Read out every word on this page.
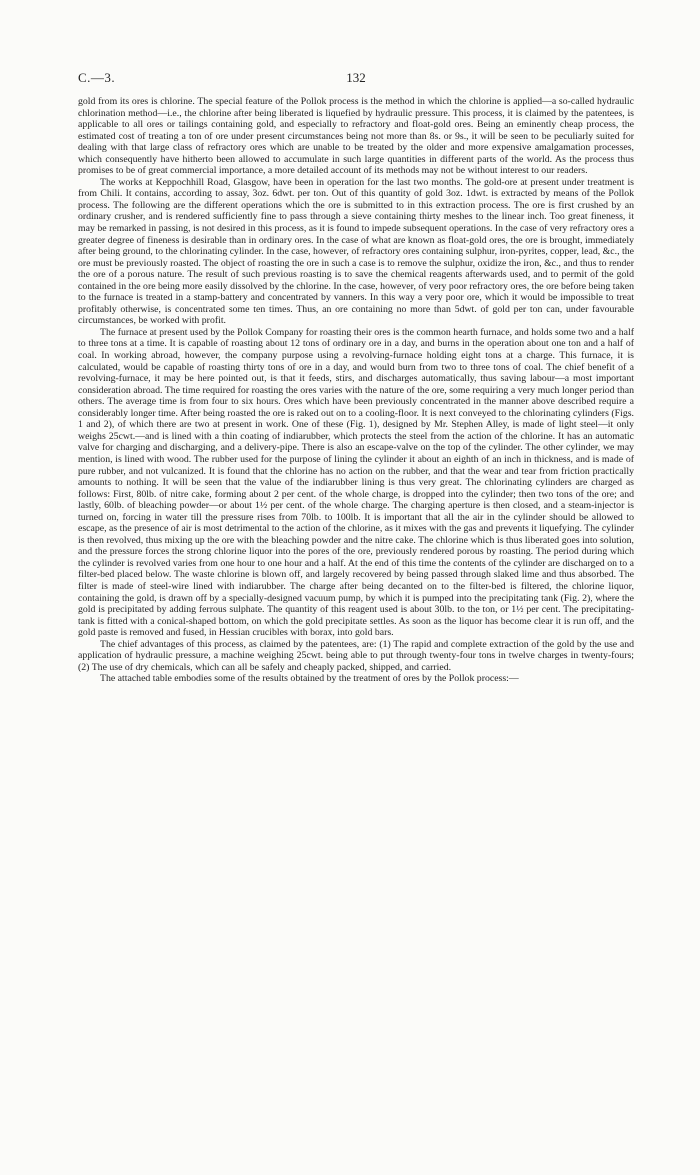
C.—3.	132

gold from its ores is chlorine. The special feature of the Pollok process is the method in which the chlorine is applied—a so-called hydraulic chlorination method—i.e., the chlorine after being liberated is liquefied by hydraulic pressure. This process, it is claimed by the patentees, is applicable to all ores or tailings containing gold, and especially to refractory and float-gold ores. Being an eminently cheap process, the estimated cost of treating a ton of ore under present circumstances being not more than 8s. or 9s., it will be seen to be peculiarly suited for dealing with that large class of refractory ores which are unable to be treated by the older and more expensive amalgamation processes, which consequently have hitherto been allowed to accumulate in such large quantities in different parts of the world. As the process thus promises to be of great commercial importance, a more detailed account of its methods may not be without interest to our readers.

The works at Keppochhill Road, Glasgow, have been in operation for the last two months. The gold-ore at present under treatment is from Chili. It contains, according to assay, 3oz. 6dwt. per ton. Out of this quantity of gold 3oz. 1dwt. is extracted by means of the Pollok process. The following are the different operations which the ore is submitted to in this extraction process. The ore is first crushed by an ordinary crusher, and is rendered sufficiently fine to pass through a sieve containing thirty meshes to the linear inch. Too great fineness, it may be remarked in passing, is not desired in this process, as it is found to impede subsequent operations. In the case of very refractory ores a greater degree of fineness is desirable than in ordinary ores. In the case of what are known as float-gold ores, the ore is brought, immediately after being ground, to the chlorinating cylinder. In the case, however, of refractory ores containing sulphur, iron-pyrites, copper, lead, &c., the ore must be previously roasted. The object of roasting the ore in such a case is to remove the sulphur, oxidize the iron, &c., and thus to render the ore of a porous nature. The result of such previous roasting is to save the chemical reagents afterwards used, and to permit of the gold contained in the ore being more easily dissolved by the chlorine. In the case, however, of very poor refractory ores, the ore before being taken to the furnace is treated in a stamp-battery and concentrated by vanners. In this way a very poor ore, which it would be impossible to treat profitably otherwise, is concentrated some ten times. Thus, an ore containing no more than 5dwt. of gold per ton can, under favourable circumstances, be worked with profit.

The furnace at present used by the Pollok Company for roasting their ores is the common hearth furnace, and holds some two and a half to three tons at a time. It is capable of roasting about 12 tons of ordinary ore in a day, and burns in the operation about one ton and a half of coal. In working abroad, however, the company purpose using a revolving-furnace holding eight tons at a charge. This furnace, it is calculated, would be capable of roasting thirty tons of ore in a day, and would burn from two to three tons of coal. The chief benefit of a revolving-furnace, it may be here pointed out, is that it feeds, stirs, and discharges automatically, thus saving labour—a most important consideration abroad. The time required for roasting the ores varies with the nature of the ore, some requiring a very much longer period than others. The average time is from four to six hours. Ores which have been previously concentrated in the manner above described require a considerably longer time. After being roasted the ore is raked out on to a cooling-floor. It is next conveyed to the chlorinating cylinders (Figs. 1 and 2), of which there are two at present in work. One of these (Fig. 1), designed by Mr. Stephen Alley, is made of light steel—it only weighs 25cwt.—and is lined with a thin coating of indiarubber, which protects the steel from the action of the chlorine. It has an automatic valve for charging and discharging, and a delivery-pipe. There is also an escape-valve on the top of the cylinder. The other cylinder, we may mention, is lined with wood. The rubber used for the purpose of lining the cylinder it about an eighth of an inch in thickness, and is made of pure rubber, and not vulcanized. It is found that the chlorine has no action on the rubber, and that the wear and tear from friction practically amounts to nothing. It will be seen that the value of the indiarubber lining is thus very great. The chlorinating cylinders are charged as follows: First, 80lb. of nitre cake, forming about 2 per cent. of the whole charge, is dropped into the cylinder; then two tons of the ore; and lastly, 60lb. of bleaching powder—or about 1½ per cent. of the whole charge. The charging aperture is then closed, and a steam-injector is turned on, forcing in water till the pressure rises from 70lb. to 100lb. It is important that all the air in the cylinder should be allowed to escape, as the presence of air is most detrimental to the action of the chlorine, as it mixes with the gas and prevents it liquefying. The cylinder is then revolved, thus mixing up the ore with the bleaching powder and the nitre cake. The chlorine which is thus liberated goes into solution, and the pressure forces the strong chlorine liquor into the pores of the ore, previously rendered porous by roasting. The period during which the cylinder is revolved varies from one hour to one hour and a half. At the end of this time the contents of the cylinder are discharged on to a filter-bed placed below. The waste chlorine is blown off, and largely recovered by being passed through slaked lime and thus absorbed. The filter is made of steel-wire lined with indiarubber. The charge after being decanted on to the filter-bed is filtered, the chlorine liquor, containing the gold, is drawn off by a specially-designed vacuum pump, by which it is pumped into the precipitating tank (Fig. 2), where the gold is precipitated by adding ferrous sulphate. The quantity of this reagent used is about 30lb. to the ton, or 1½ per cent. The precipitating-tank is fitted with a conical-shaped bottom, on which the gold precipitate settles. As soon as the liquor has become clear it is run off, and the gold paste is removed and fused, in Hessian crucibles with borax, into gold bars.

The chief advantages of this process, as claimed by the patentees, are: (1) The rapid and complete extraction of the gold by the use and application of hydraulic pressure, a machine weighing 25cwt. being able to put through twenty-four tons in twelve charges in twenty-fours; (2) The use of dry chemicals, which can all be safely and cheaply packed, shipped, and carried.

The attached table embodies some of the results obtained by the treatment of ores by the Pollok process:—
